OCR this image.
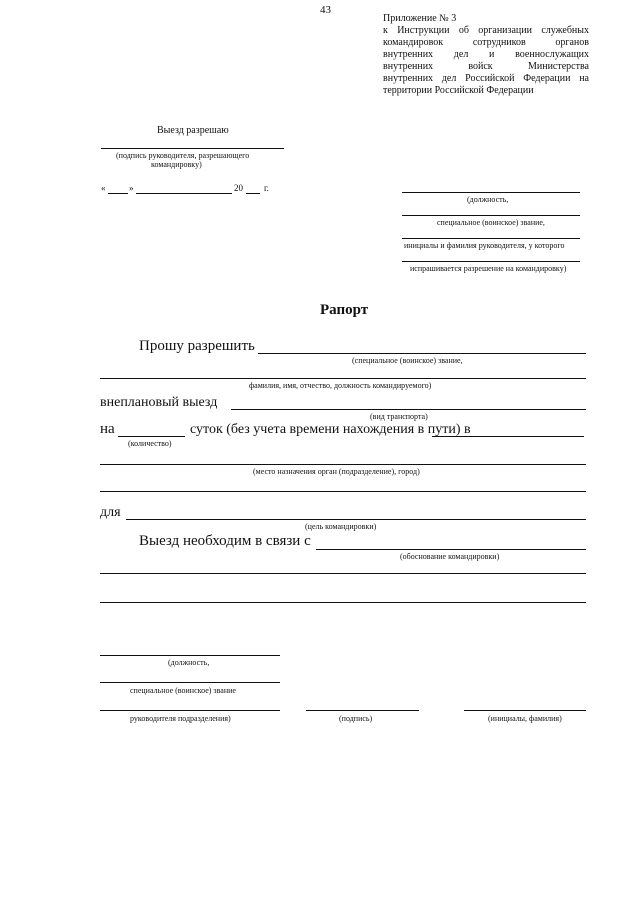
43
Приложение № 3
к Инструкции об организации служебных
командировок сотрудников органов
внутренних дел и военнослужащих
внутренних войск Министерства
внутренних дел Российской Федерации на
территории Российской Федерации
Выезд разрешаю
(подпись руководителя, разрешающего
командировку)
«	»	20 г.
(должность,
специальное (воинское) звание,
инициалы и фамилия руководителя, у которого
испрашивается разрешение на командировку)
Рапорт
Прошу разрешить
(специальное (воинское) звание,
фамилия, имя, отчество, должность командируемого)
внеплановый выезд
(вид транспорта)
на	суток (без учета времени нахождения в пути) в
(количество)
(место назначения орган (подразделение), город)
для
(цель командировки)
Выезд необходим в связи с
(обоснование командировки)
(должность,
специальное (воинское) звание
руководителя подразделения)	(подпись)	(инициалы, фамилия)
